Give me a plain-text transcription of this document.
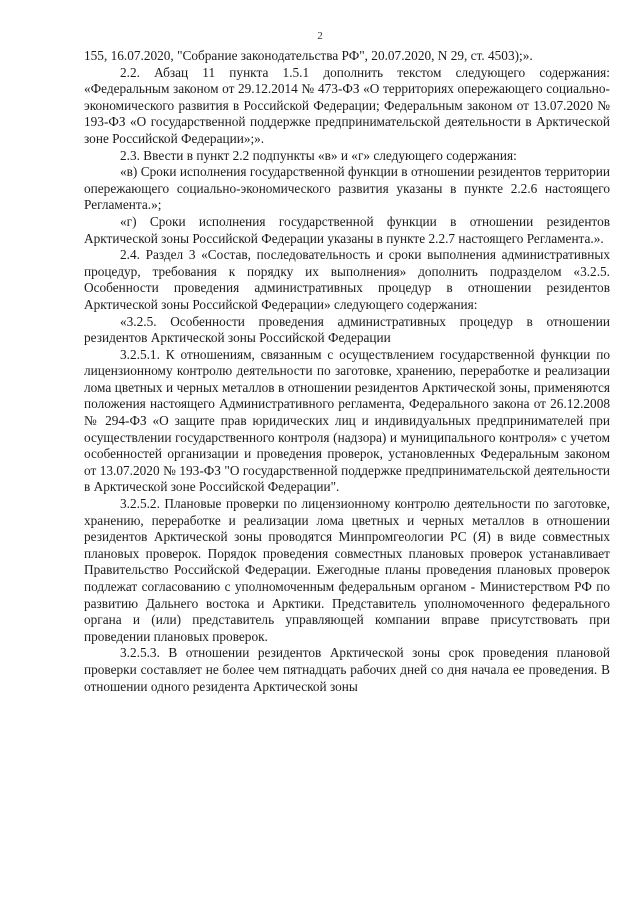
2

155, 16.07.2020, "Собрание законодательства РФ", 20.07.2020, N 29, ст. 4503);».

2.2. Абзац 11 пункта 1.5.1 дополнить текстом следующего содержания: «Федеральным законом от 29.12.2014 № 473-ФЗ «О территориях опережающего социально-экономического развития в Российской Федерации; Федеральным законом от 13.07.2020 № 193-ФЗ «О государственной поддержке предпринимательской деятельности в Арктической зоне Российской Федерации»;».

2.3. Ввести в пункт 2.2 подпункты «в» и «г» следующего содержания:

«в) Сроки исполнения государственной функции в отношении резидентов территории опережающего социально-экономического развития указаны в пункте 2.2.6 настоящего Регламента.»;

«г) Сроки исполнения государственной функции в отношении резидентов Арктической зоны Российской Федерации указаны в пункте 2.2.7 настоящего Регламента.».

2.4. Раздел 3 «Состав, последовательность и сроки выполнения административных процедур, требования к порядку их выполнения» дополнить подразделом «3.2.5. Особенности проведения административных процедур в отношении резидентов Арктической зоны Российской Федерации» следующего содержания:

«3.2.5. Особенности проведения административных процедур в отношении резидентов Арктической зоны Российской Федерации

3.2.5.1. К отношениям, связанным с осуществлением государственной функции по лицензионному контролю деятельности по заготовке, хранению, переработке и реализации лома цветных и черных металлов в отношении резидентов Арктической зоны, применяются положения настоящего Административного регламента, Федерального закона от 26.12.2008 № 294-ФЗ «О защите прав юридических лиц и индивидуальных предпринимателей при осуществлении государственного контроля (надзора) и муниципального контроля» с учетом особенностей организации и проведения проверок, установленных Федеральным законом от 13.07.2020 № 193-ФЗ "О государственной поддержке предпринимательской деятельности в Арктической зоне Российской Федерации".

3.2.5.2. Плановые проверки по лицензионному контролю деятельности по заготовке, хранению, переработке и реализации лома цветных и черных металлов в отношении резидентов Арктической зоны проводятся Минпромгеологии РС (Я) в виде совместных плановых проверок. Порядок проведения совместных плановых проверок устанавливает Правительство Российской Федерации. Ежегодные планы проведения плановых проверок подлежат согласованию с уполномоченным федеральным органом - Министерством РФ по развитию Дальнего востока и Арктики. Представитель уполномоченного федерального органа и (или) представитель управляющей компании вправе присутствовать при проведении плановых проверок.

3.2.5.3. В отношении резидентов Арктической зоны срок проведения плановой проверки составляет не более чем пятнадцать рабочих дней со дня начала ее проведения. В отношении одного резидента Арктической зоны
